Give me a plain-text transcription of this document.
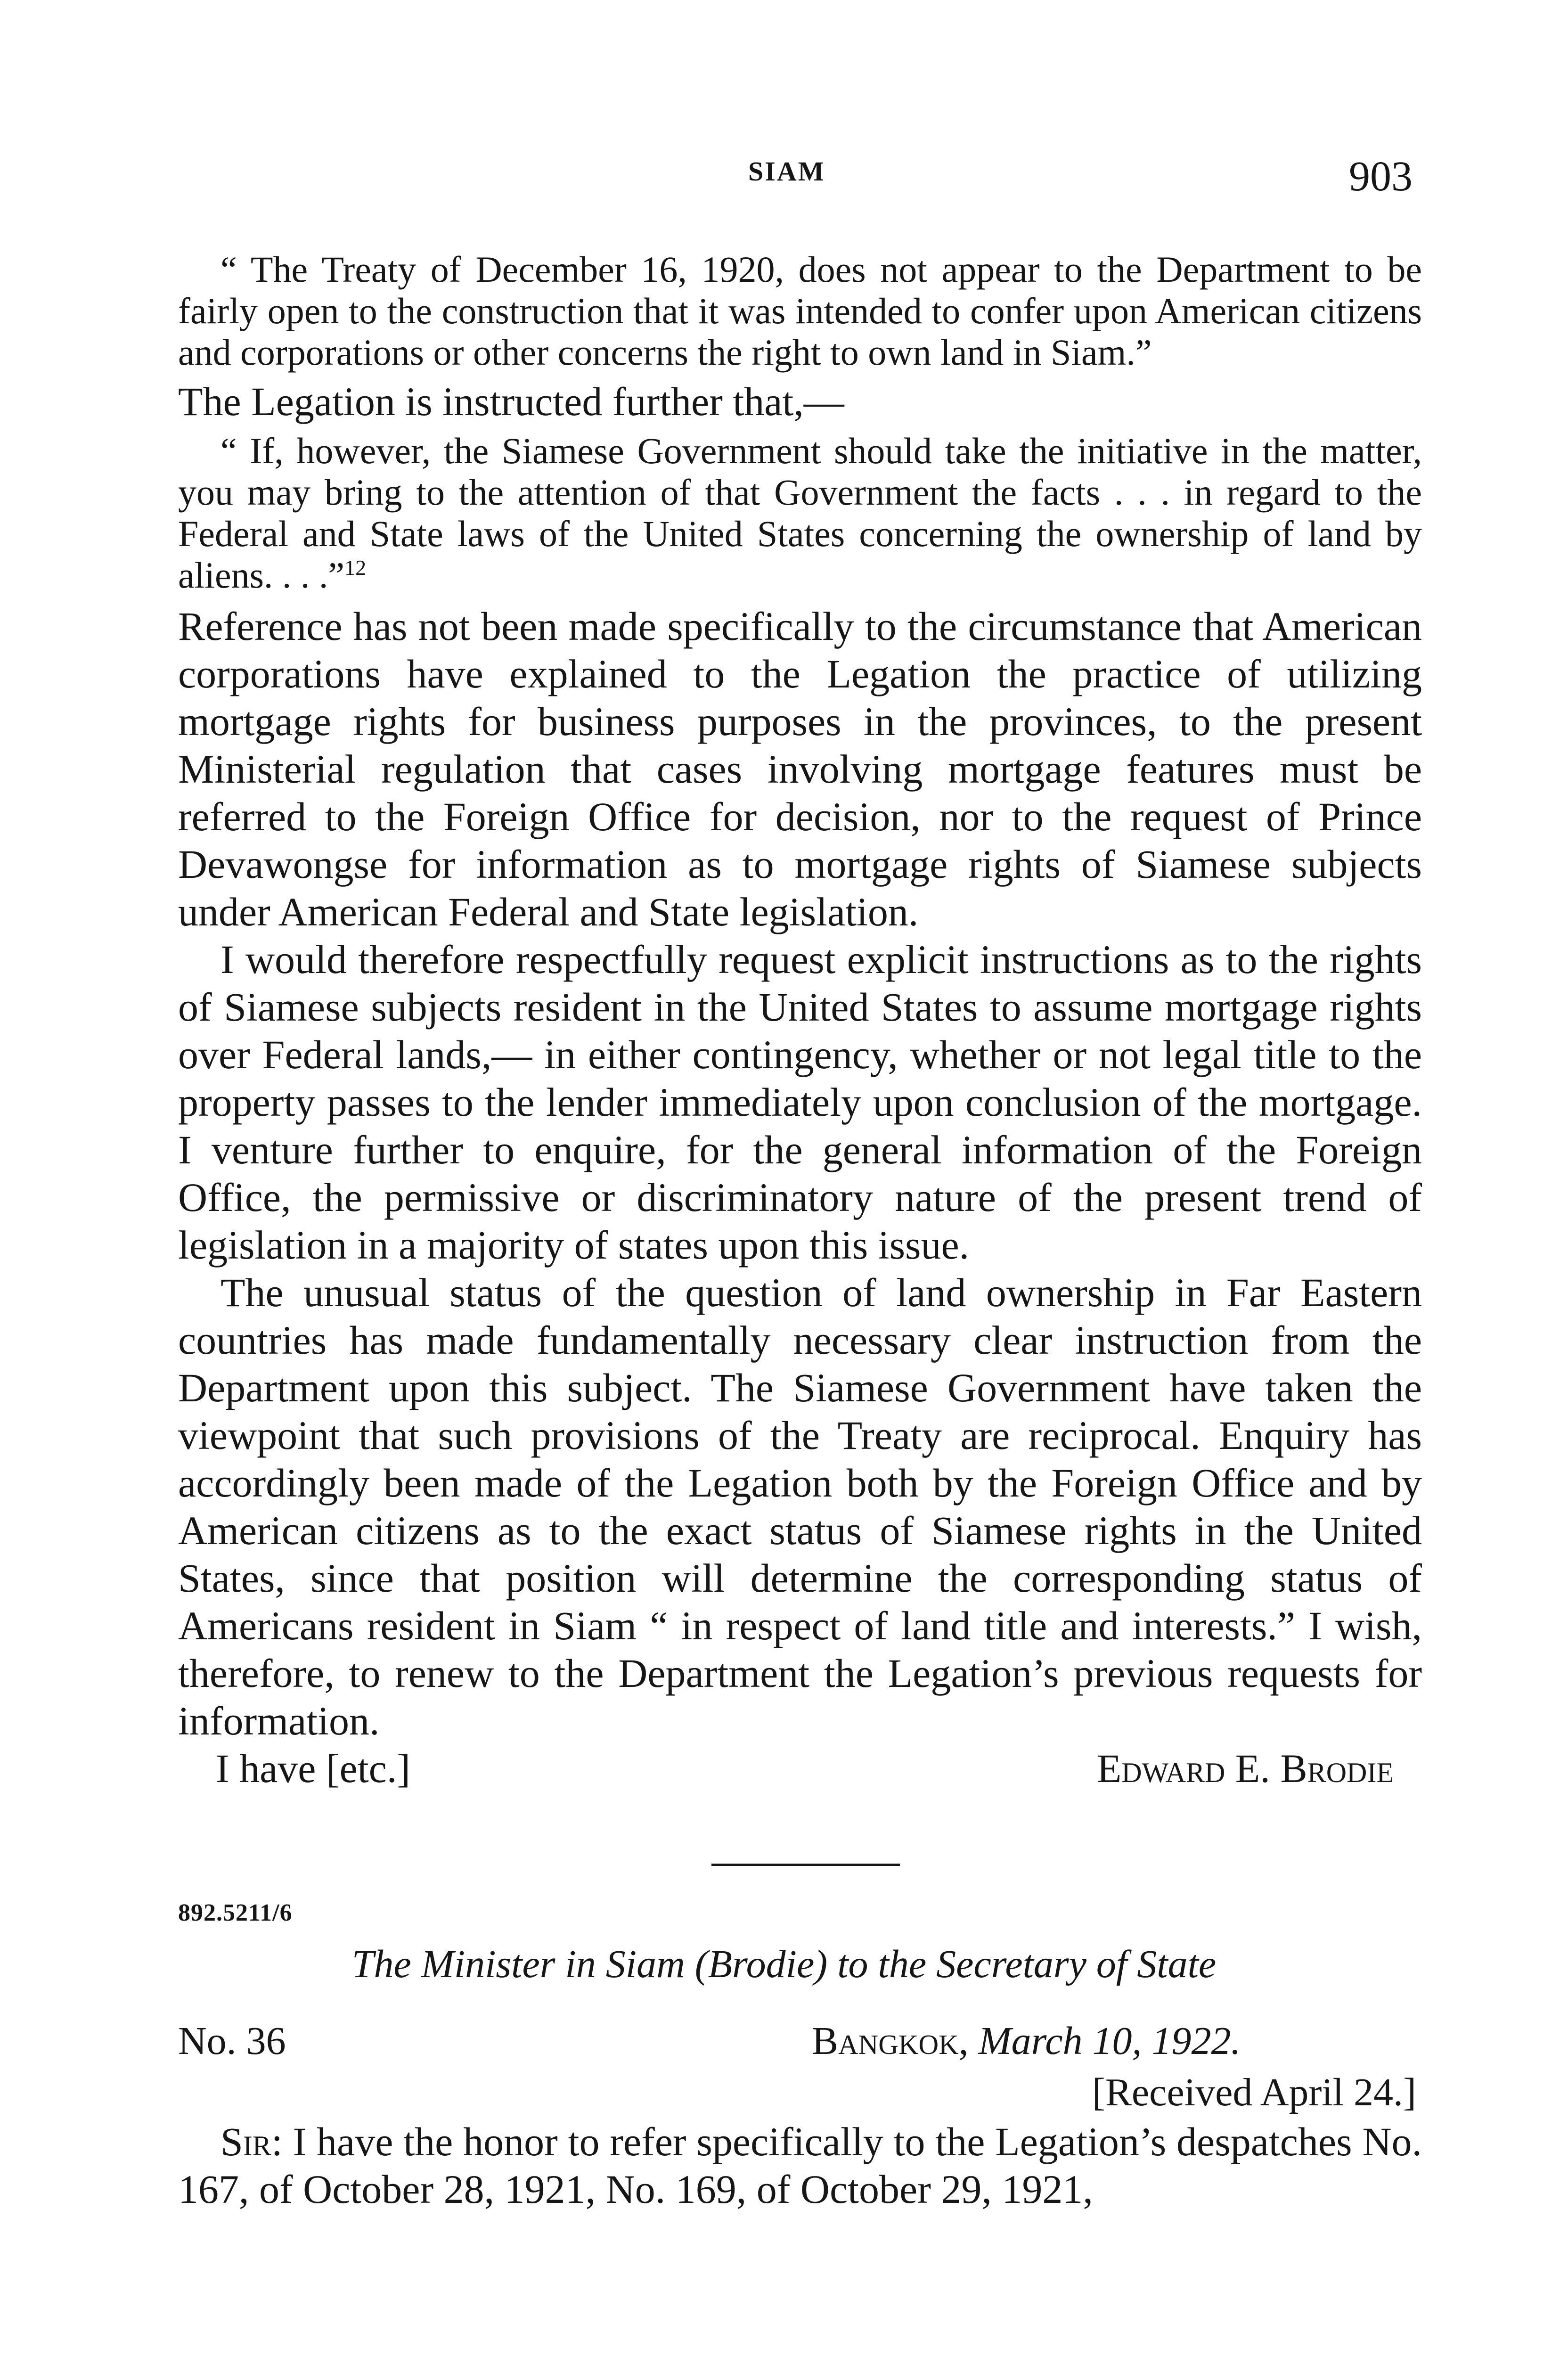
SIAM	903

“ The Treaty of December 16, 1920, does not appear to the Department to be fairly open to the construction that it was intended to confer upon American citizens and corporations or other concerns the right to own land in Siam.”

The Legation is instructed further that,—

“ If, however, the Siamese Government should take the initiative in the matter, you may bring to the attention of that Government the facts . . . in regard to the Federal and State laws of the United States concerning the ownership of land by aliens. . . .”$^{12}$

Reference has not been made specifically to the circumstance that American corporations have explained to the Legation the practice of utilizing mortgage rights for business purposes in the provinces, to the present Ministerial regulation that cases involving mortgage features must be referred to the Foreign Office for decision, nor to the request of Prince Devawongse for information as to mortgage rights of Siamese subjects under American Federal and State legislation.

I would therefore respectfully request explicit instructions as to the rights of Siamese subjects resident in the United States to assume mortgage rights over Federal lands,— in either contingency, whether or not legal title to the property passes to the lender immediately upon conclusion of the mortgage. I venture further to enquire, for the general information of the Foreign Office, the permissive or discriminatory nature of the present trend of legislation in a majority of states upon this issue.

The unusual status of the question of land ownership in Far Eastern countries has made fundamentally necessary clear instruction from the Department upon this subject. The Siamese Government have taken the viewpoint that such provisions of the Treaty are reciprocal. Enquiry has accordingly been made of the Legation both by the Foreign Office and by American citizens as to the exact status of Siamese rights in the United States, since that position will determine the corresponding status of Americans resident in Siam “ in respect of land title and interests.” I wish, therefore, to renew to the Department the Legation’s previous requests for information.

I have [etc.]	Edward E. Brodie
892.5211/6
The Minister in Siam (Brodie) to the Secretary of State
No. 36	Bangkok, March 10, 1922.
[Received April 24.]

Sir: I have the honor to refer specifically to the Legation’s despatches No. 167, of October 28, 1921, No. 169, of October 29, 1921,
